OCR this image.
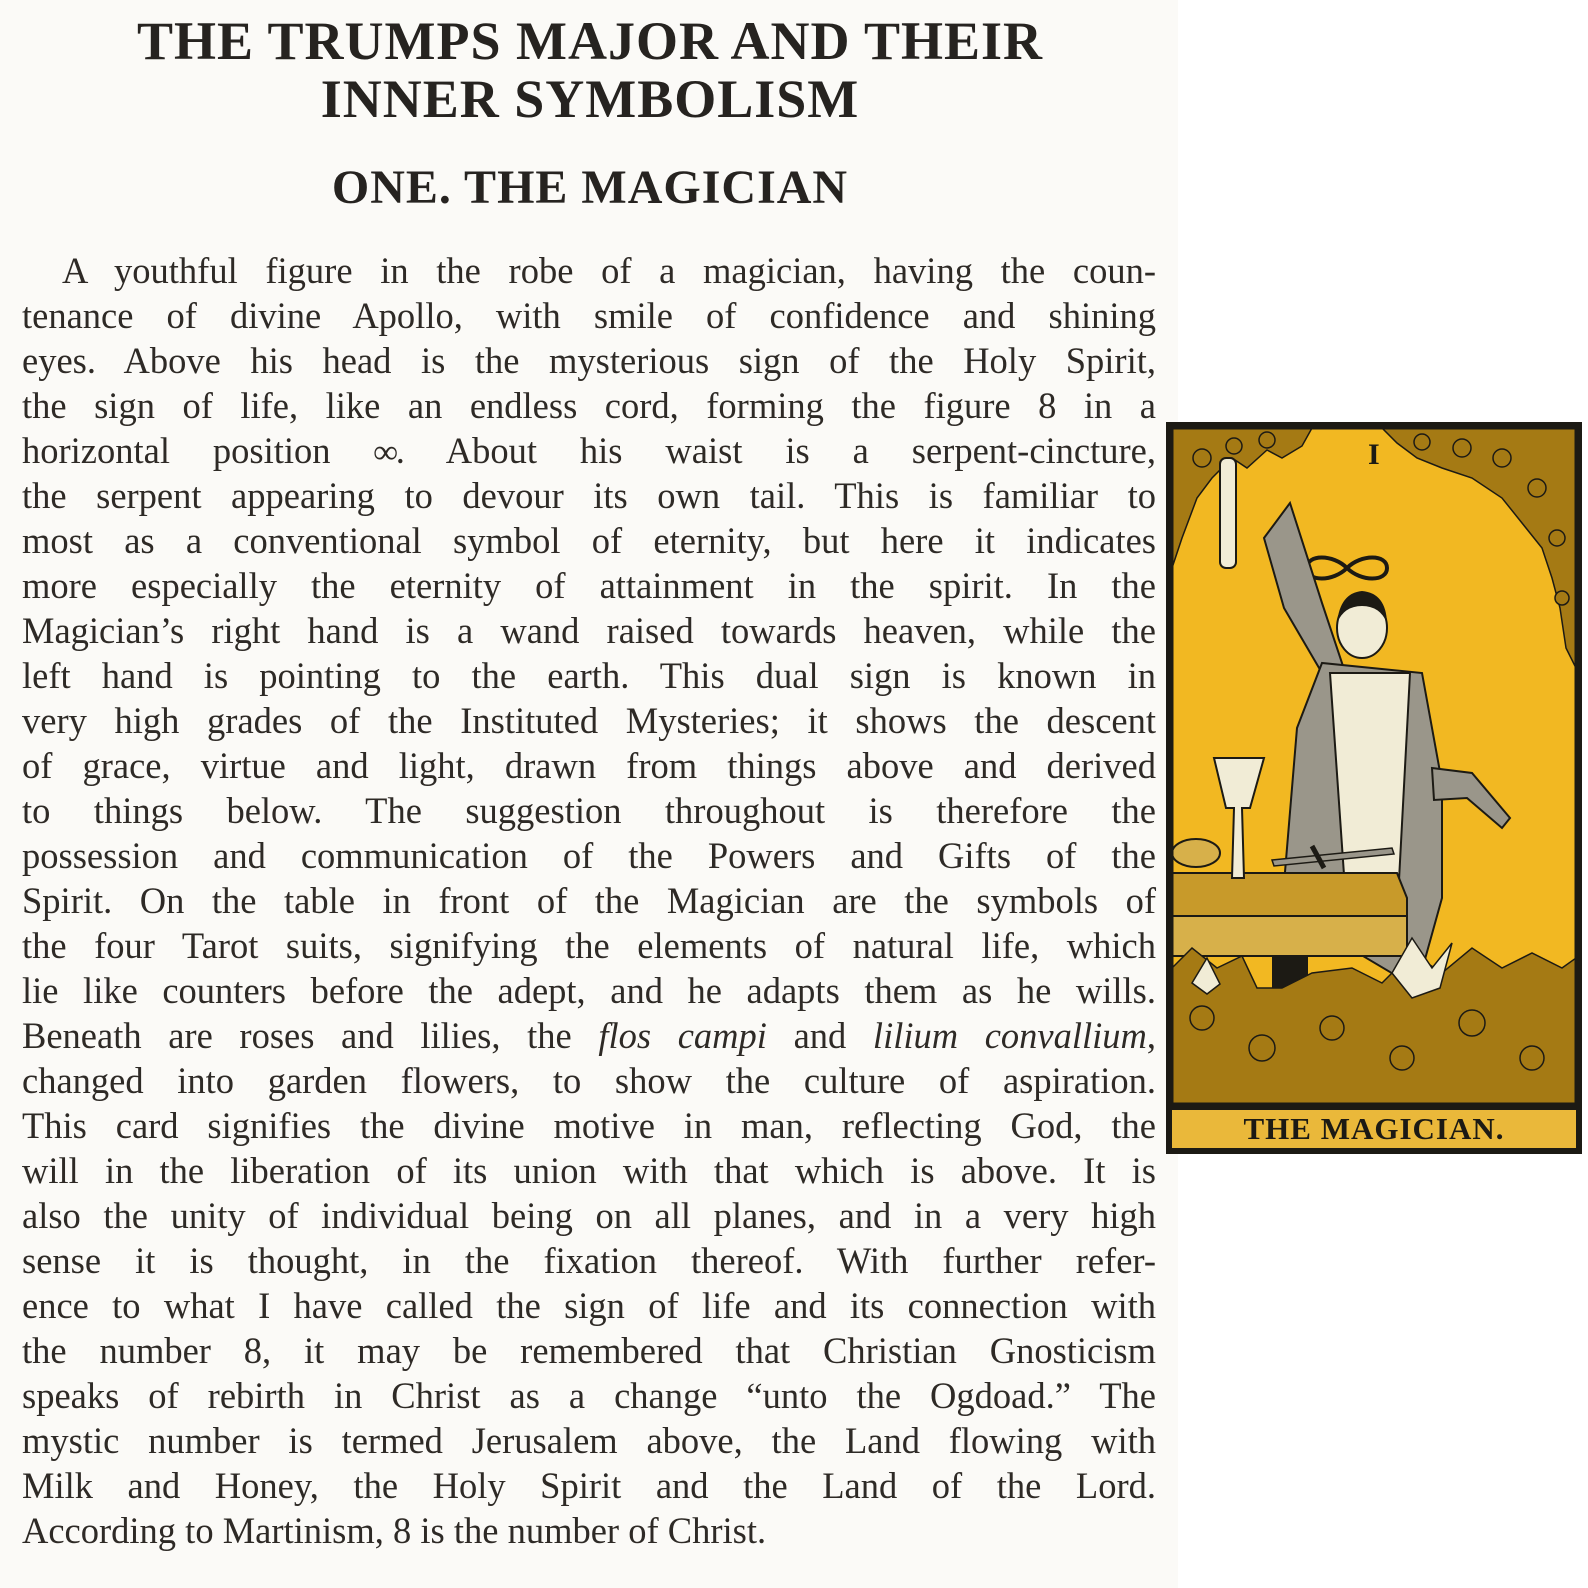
THE TRUMPS MAJOR AND THEIR
INNER SYMBOLISM
ONE. THE MAGICIAN
A youthful figure in the robe of a magician, having the coun-
tenance of divine Apollo, with smile of confidence and shining
eyes. Above his head is the mysterious sign of the Holy Spirit,
the sign of life, like an endless cord, forming the figure 8 in a
horizontal position ∞. About his waist is a serpent-cincture,
the serpent appearing to devour its own tail. This is familiar to
most as a conventional symbol of eternity, but here it indicates
more especially the eternity of attainment in the spirit. In the
Magician’s right hand is a wand raised towards heaven, while the
left hand is pointing to the earth. This dual sign is known in
very high grades of the Instituted Mysteries; it shows the descent
of grace, virtue and light, drawn from things above and derived
to things below. The suggestion throughout is therefore the
possession and communication of the Powers and Gifts of the
Spirit. On the table in front of the Magician are the symbols of
the four Tarot suits, signifying the elements of natural life, which
lie like counters before the adept, and he adapts them as he wills.
Beneath are roses and lilies, the flos campi and lilium convallium,
changed into garden flowers, to show the culture of aspiration.
This card signifies the divine motive in man, reflecting God, the
will in the liberation of its union with that which is above. It is
also the unity of individual being on all planes, and in a very high
sense it is thought, in the fixation thereof. With further refer-
ence to what I have called the sign of life and its connection with
the number 8, it may be remembered that Christian Gnosticism
speaks of rebirth in Christ as a change “unto the Ogdoad.” The
mystic number is termed Jerusalem above, the Land flowing with
Milk and Honey, the Holy Spirit and the Land of the Lord.
According to Martinism, 8 is the number of Christ.
I
THE MAGICIAN.
